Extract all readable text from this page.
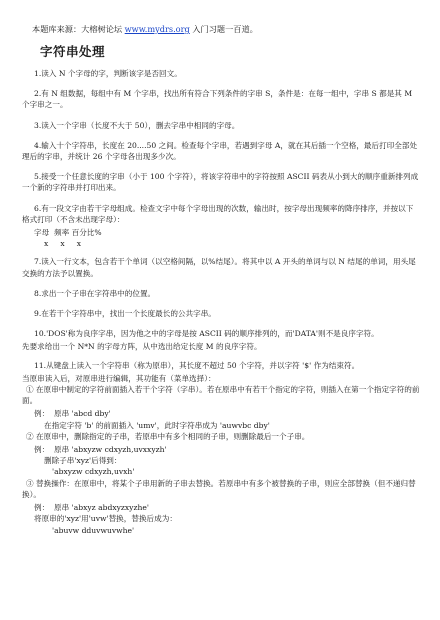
本题库来源：大榕树论坛 www.mydrs.org 入门习题一百道。
字符串处理
1.读入 N 个字母的字，判断该字是否回文。
2.有 N 组数据，每组中有 M 个字串，找出所有符合下列条件的字串 S，条件是：在每一组中，字串 S 都是其 M 个字串之一。
3.读入一个字串（长度不大于 50），删去字串中相同的字母。
4.输入十个字符串，长度在 20....50 之间。检查每个字串，若遇到字母 A，就在其后插一个空格，最后打印全部处理后的字串，并统计 26 个字母各出现多少次。
5.接受一个任意长度的字串（小于 100 个字符），将该字符串中的字符按照 ASCII 码表从小到大的顺序重新排列成一个新的字符串并打印出来。
6.有一段文字由若干字母组成。检查文字中每个字母出现的次数，输出时，按字母出现频率的降序排序，并按以下格式打印（不含未出现字母）：
字母  频率 百分比%
x     x     x
7.读入一行文本，包含若干个单词（以空格间隔，以%结尾）。将其中以 A 开头的单词与以 N 结尾的单词，用头尾交换的方法予以置换。
8.求出一个子串在字符串中的位置。
9.在若干个字符串中，找出一个长度最长的公共字串。
10.'DOS'称为良序字串，因为他之中的字母是按 ASCII 码的顺序排列的，而'DATA'则不是良序字符。
先要求给出一个 N*N 的字母方阵，从中选出给定长度 M 的良序字符。
11.从键盘上读入一个字符串（称为原串），其长度不超过 50 个字符，并以字符 '$' 作为结束符。
当原串读入后，对原串进行编辑，其功能有（菜单选择）：
① 在原串中制定的字符前面插入若干个字符（字串）。若在原串中有若干个指定的字符，则插入在第一个指定字符的前面。
例：  原串 'abcd dby'
在指定字符 'b' 的前面插入 'umv'，此时字符串成为 'auwvbc dby'
② 在原串中，删除指定的子串，若原串中有多个相同的子串，则删除最后一个子串。
例：  原串 'abxyzw cdxyzh,uvxxyzh'
删除子串'xyz'后得到：
'abxyzw cdxyzh,uvxh'
③ 替换操作：在原串中，将某个子串用新的子串去替换。若原串中有多个被替换的子串，则应全部替换（但不递归替换）。
例：  原串 'abxyz abdxyzxyzhe'
将原串的'xyz'用'uvw'替换，替换后成为：
'abuvw dduvwuvwhe'
